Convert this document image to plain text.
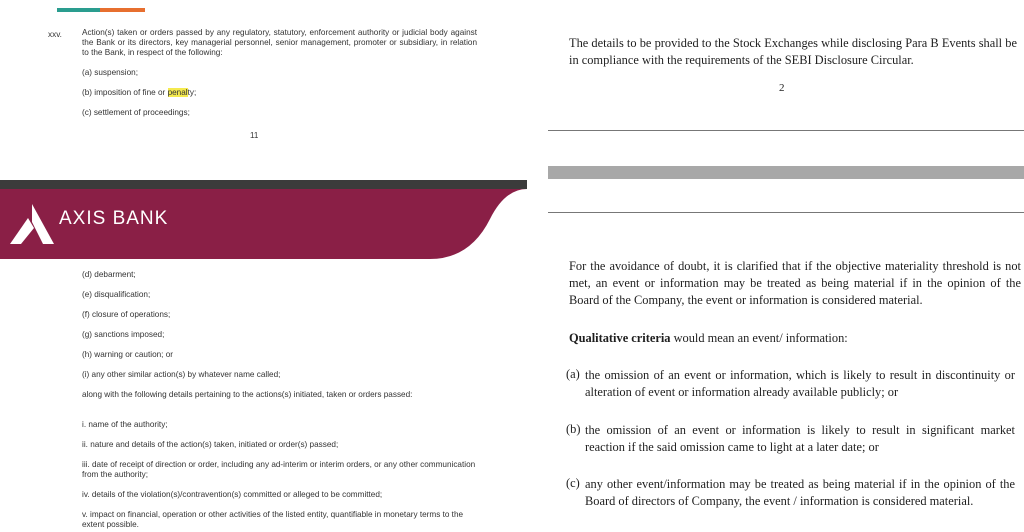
xxv. Action(s) taken or orders passed by any regulatory, statutory, enforcement authority or judicial body against the Bank or its directors, key managerial personnel, senior management, promoter or subsidiary, in relation to the Bank, in respect of the following:
(a) suspension;
(b) imposition of fine or penalty;
(c) settlement of proceedings;
11
AXIS BANK
(d) debarment;
(e) disqualification;
(f) closure of operations;
(g) sanctions imposed;
(h) warning or caution; or
(i) any other similar action(s) by whatever name called;
along with the following details pertaining to the actions(s) initiated, taken or orders passed:
i. name of the authority;
ii. nature and details of the action(s) taken, initiated or order(s) passed;
iii. date of receipt of direction or order, including any ad-interim or interim orders, or any other communication from the authority;
iv. details of the violation(s)/contravention(s) committed or alleged to be committed;
v. impact on financial, operation or other activities of the listed entity, quantifiable in monetary terms to the extent possible.
The details to be provided to the Stock Exchanges while disclosing Para B Events shall be in compliance with the requirements of the SEBI Disclosure Circular.
2
For the avoidance of doubt, it is clarified that if the objective materiality threshold is not met, an event or information may be treated as being material if in the opinion of the Board of the Company, the event or information is considered material.
Qualitative criteria would mean an event/ information:
(a) the omission of an event or information, which is likely to result in discontinuity or alteration of event or information already available publicly; or
(b) the omission of an event or information is likely to result in significant market reaction if the said omission came to light at a later date; or
(c) any other event/information may be treated as being material if in the opinion of the Board of directors of Company, the event / information is considered material.
